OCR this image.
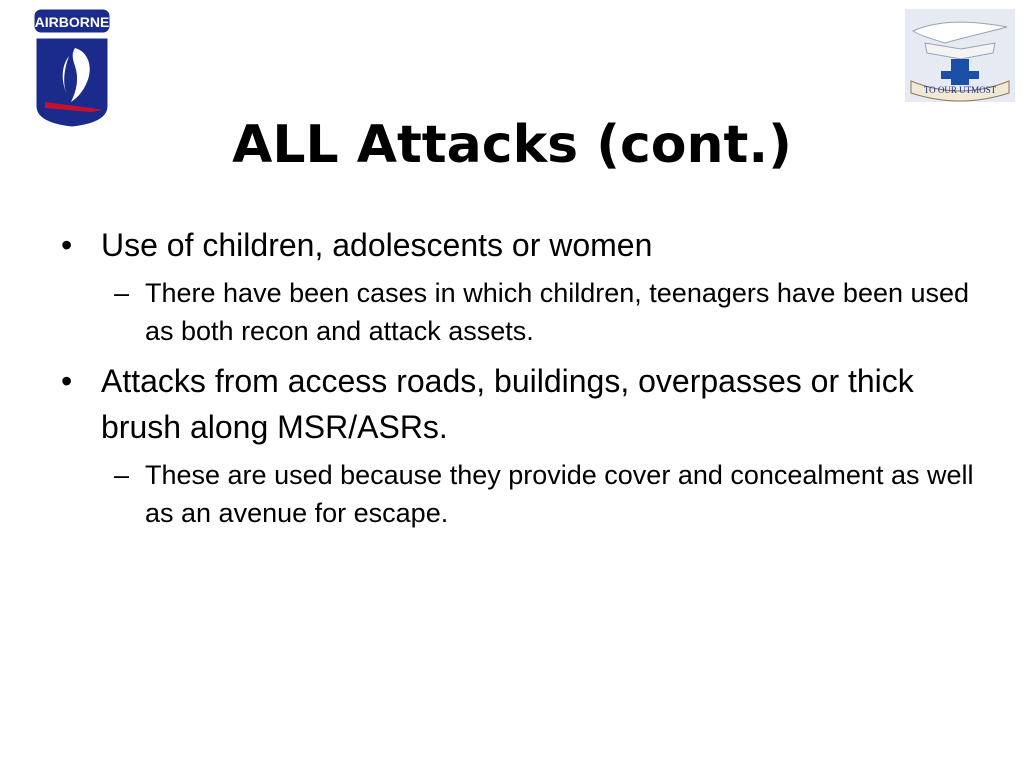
AIRBORNE
TO OUR UTMOST
ALL Attacks (cont.)
• Use of children, adolescents or women
– There have been cases in which children, teenagers have been used as both recon and attack assets.
• Attacks from access roads, buildings, overpasses or thick brush along MSR/ASRs.
– These are used because they provide cover and concealment as well as an avenue for escape.
